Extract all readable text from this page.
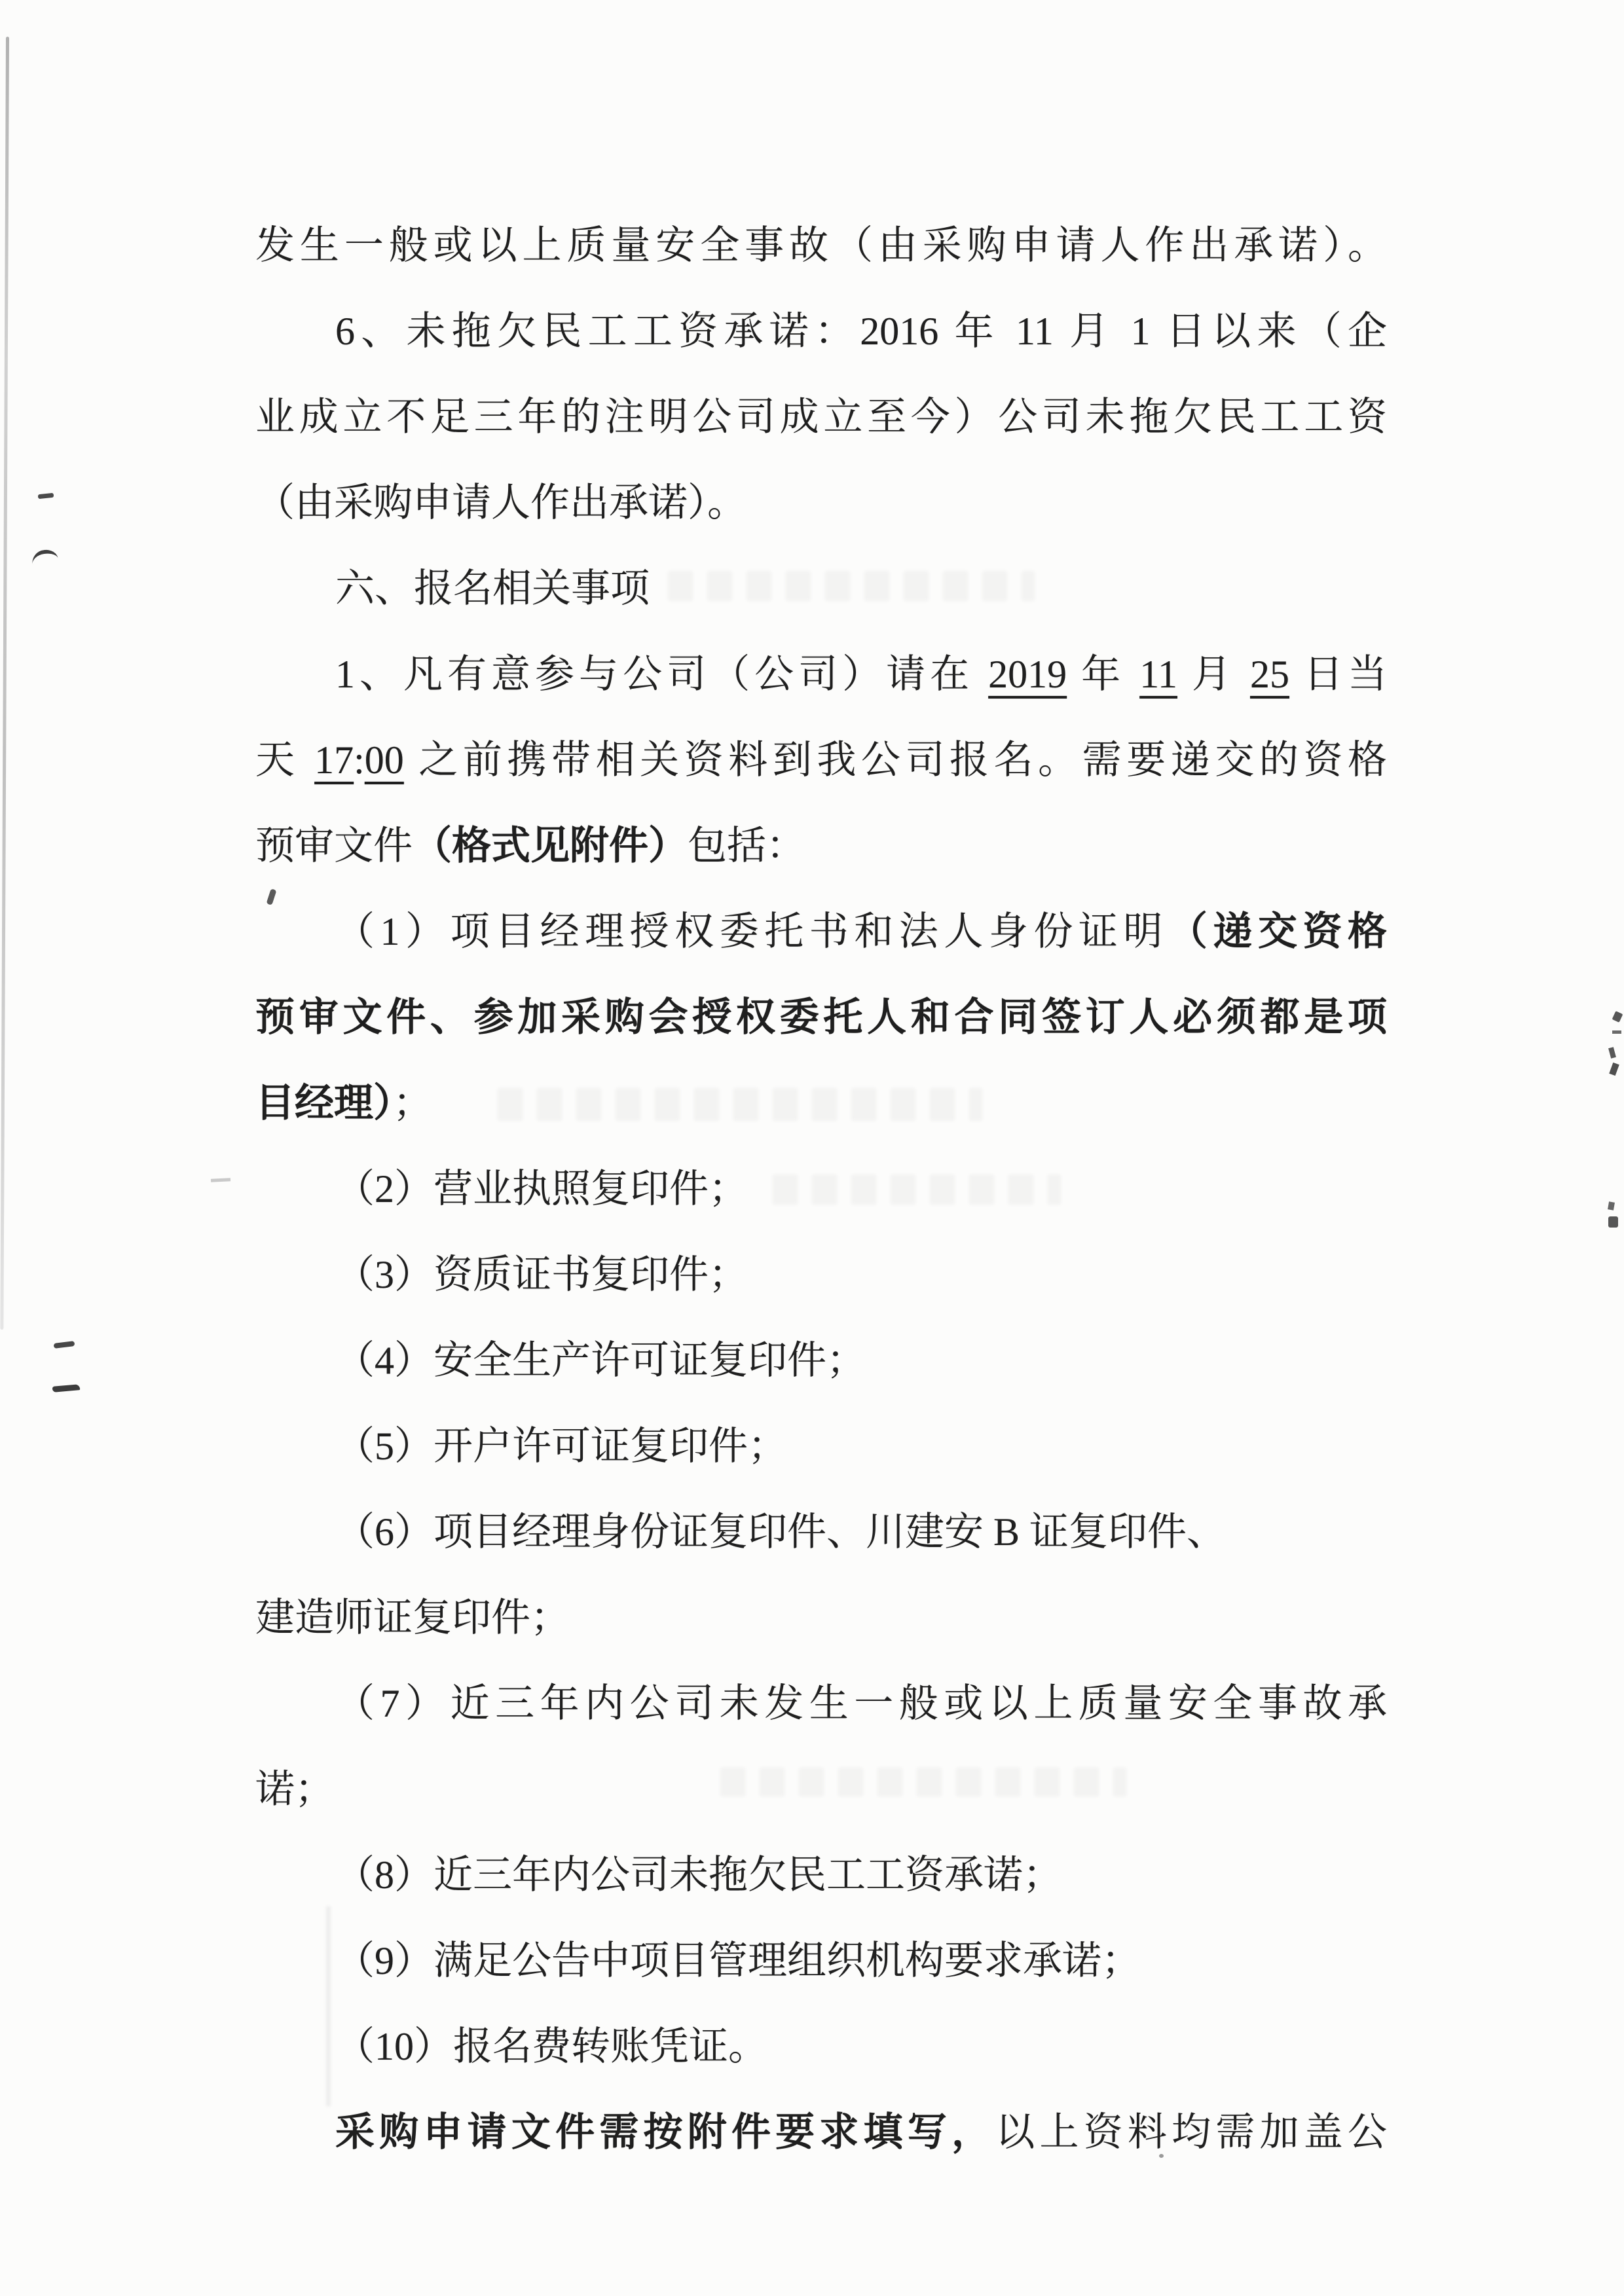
发生一般或以上质量安全事故（由采购申请人作出承诺）。
6、未拖欠民工工资承诺：2016 年 11 月 1 日以来（企
业成立不足三年的注明公司成立至今）公司未拖欠民工工资
（由采购申请人作出承诺）。
六、报名相关事项
1、凡有意参与公司（公司）请在 2019 年 11 月 25 日当
天 17:00 之前携带相关资料到我公司报名。需要递交的资格
预审文件（格式见附件）包括：
（1）项目经理授权委托书和法人身份证明（递交资格
预审文件、参加采购会授权委托人和合同签订人必须都是项
目经理）；
（2）营业执照复印件；
（3）资质证书复印件；
（4）安全生产许可证复印件；
（5）开户许可证复印件；
（6）项目经理身份证复印件、川建安 B 证复印件、
建造师证复印件；
（7）近三年内公司未发生一般或以上质量安全事故承
诺；
（8）近三年内公司未拖欠民工工资承诺；
（9）满足公告中项目管理组织机构要求承诺；
（10）报名费转账凭证。
采购申请文件需按附件要求填写，以上资料均需加盖公
